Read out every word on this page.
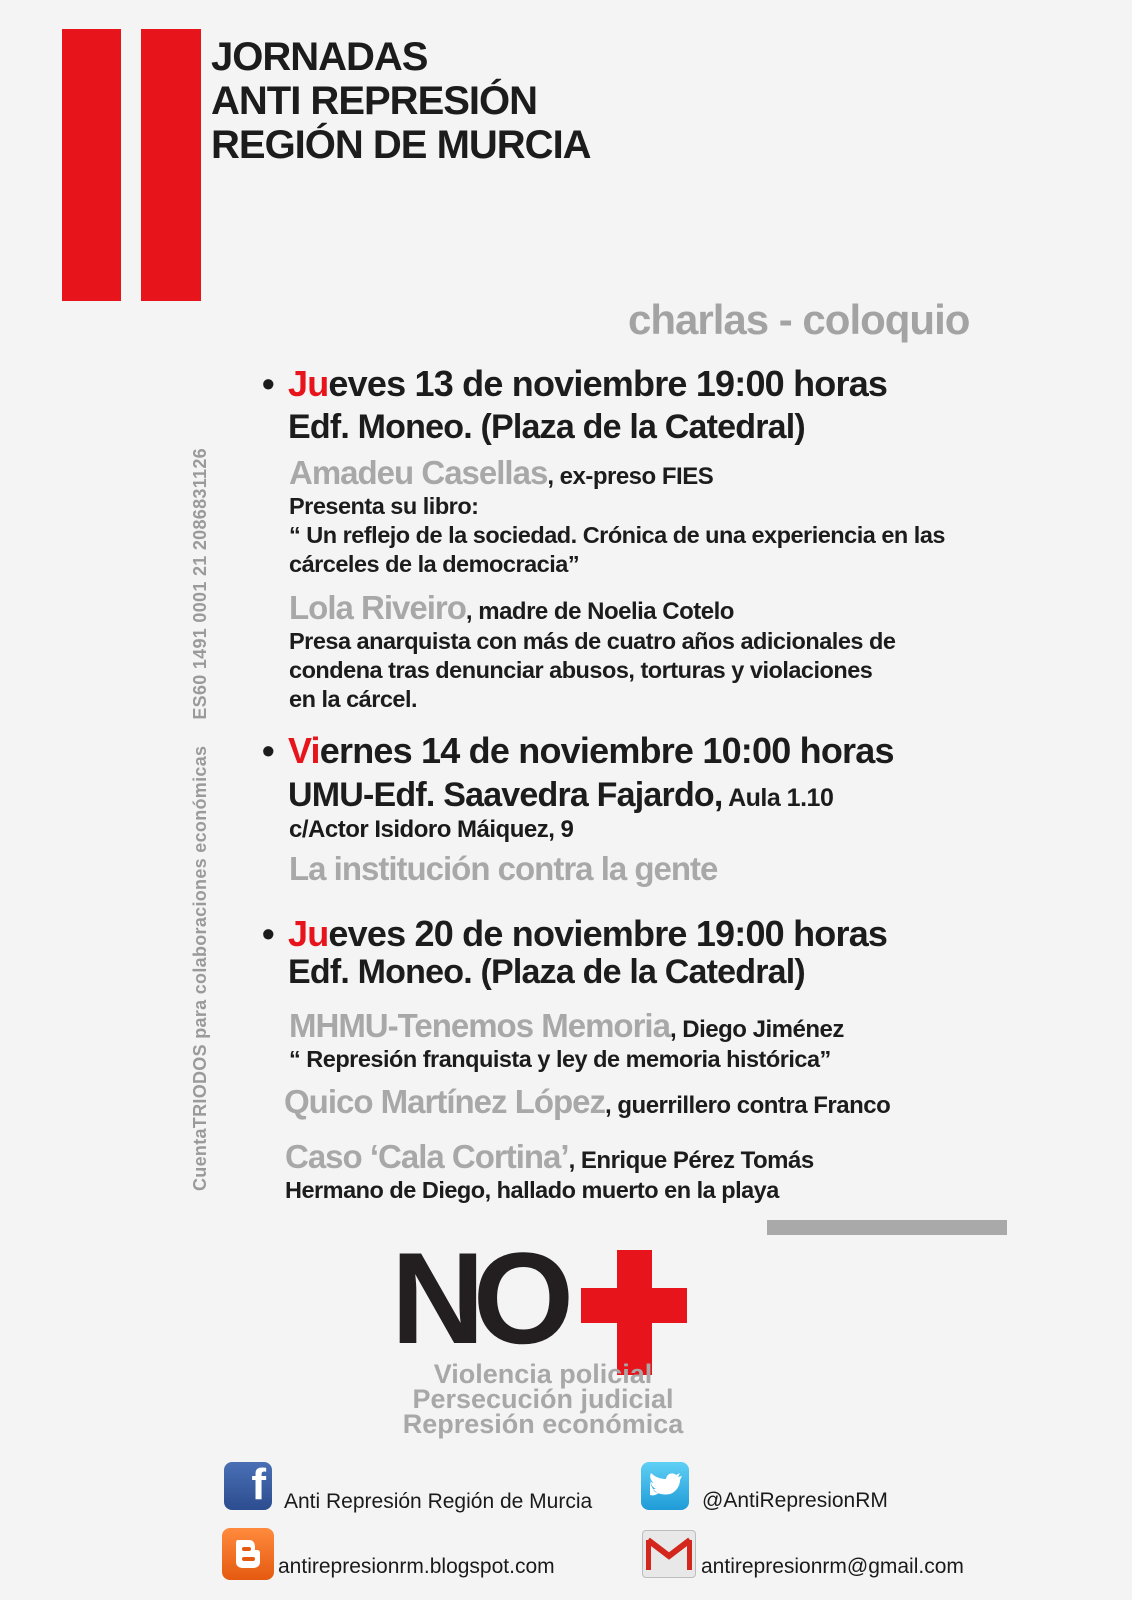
JORNADAS
ANTI REPRESIÓN
REGIÓN DE MURCIA
charlas - coloquio
CuentaTRIODOS para colaboraciones económicasES60 1491 0001 21 2086831126
• Jueves 13 de noviembre 19:00 horas
Edf. Moneo. (Plaza de la Catedral)
Amadeu Casellas, ex-preso FIES
Presenta su libro:
“ Un reflejo de la sociedad. Crónica de una experiencia en las
cárceles de la democracia”
Lola Riveiro, madre de Noelia Cotelo
Presa anarquista con más de cuatro años adicionales de
condena tras denunciar abusos, torturas y violaciones
en la cárcel.
• Viernes 14 de noviembre 10:00 horas
UMU-Edf. Saavedra Fajardo, Aula 1.10
c/Actor Isidoro Máiquez, 9
La institución contra la gente
• Jueves 20 de noviembre 19:00 horas
Edf. Moneo. (Plaza de la Catedral)
MHMU-Tenemos Memoria, Diego Jiménez
“ Represión franquista y ley de memoria histórica”
Quico Martínez López, guerrillero contra Franco
Caso ‘Cala Cortina’, Enrique Pérez Tomás
Hermano de Diego, hallado muerto en la playa
NO
Violencia policial
Persecución judicial
Represión económica
f Anti Represión Región de Murcia	@AntiRepresionRM
antirepresionrm.blogspot.com	antirepresionrm@gmail.com
